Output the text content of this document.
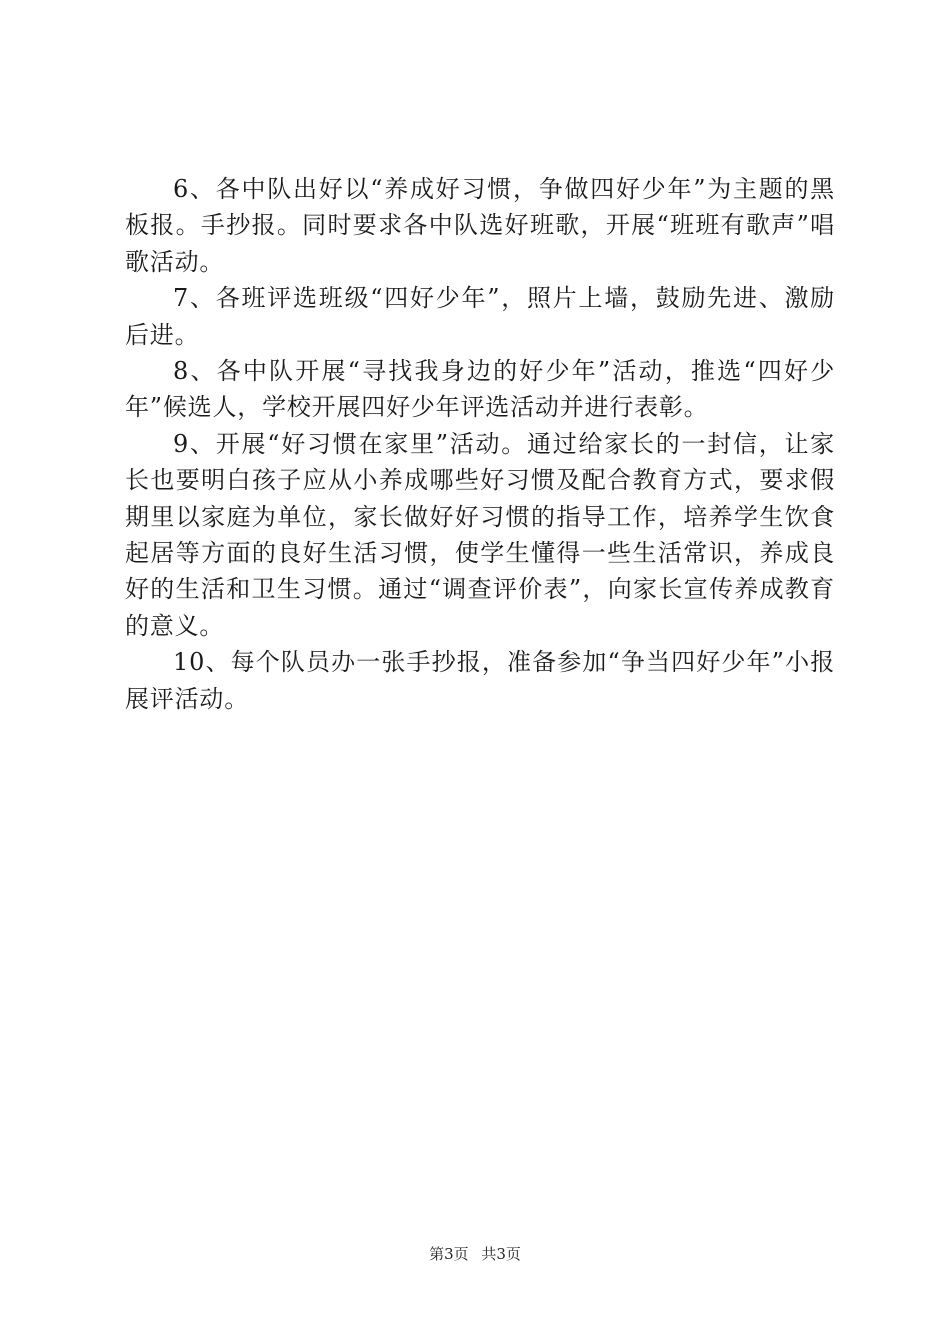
6、各中队出好以“养成好习惯，争做四好少年”为主题的黑板报。手抄报。同时要求各中队选好班歌，开展“班班有歌声”唱歌活动。

7、各班评选班级“四好少年”，照片上墙，鼓励先进、激励后进。

8、各中队开展“寻找我身边的好少年”活动，推选“四好少年”候选人，学校开展四好少年评选活动并进行表彰。

9、开展“好习惯在家里”活动。通过给家长的一封信，让家长也要明白孩子应从小养成哪些好习惯及配合教育方式，要求假期里以家庭为单位，家长做好好习惯的指导工作，培养学生饮食起居等方面的良好生活习惯，使学生懂得一些生活常识，养成良好的生活和卫生习惯。通过“调查评价表”，向家长宣传养成教育的意义。

10、每个队员办一张手抄报，准备参加“争当四好少年”小报展评活动。

第3页 共3页
